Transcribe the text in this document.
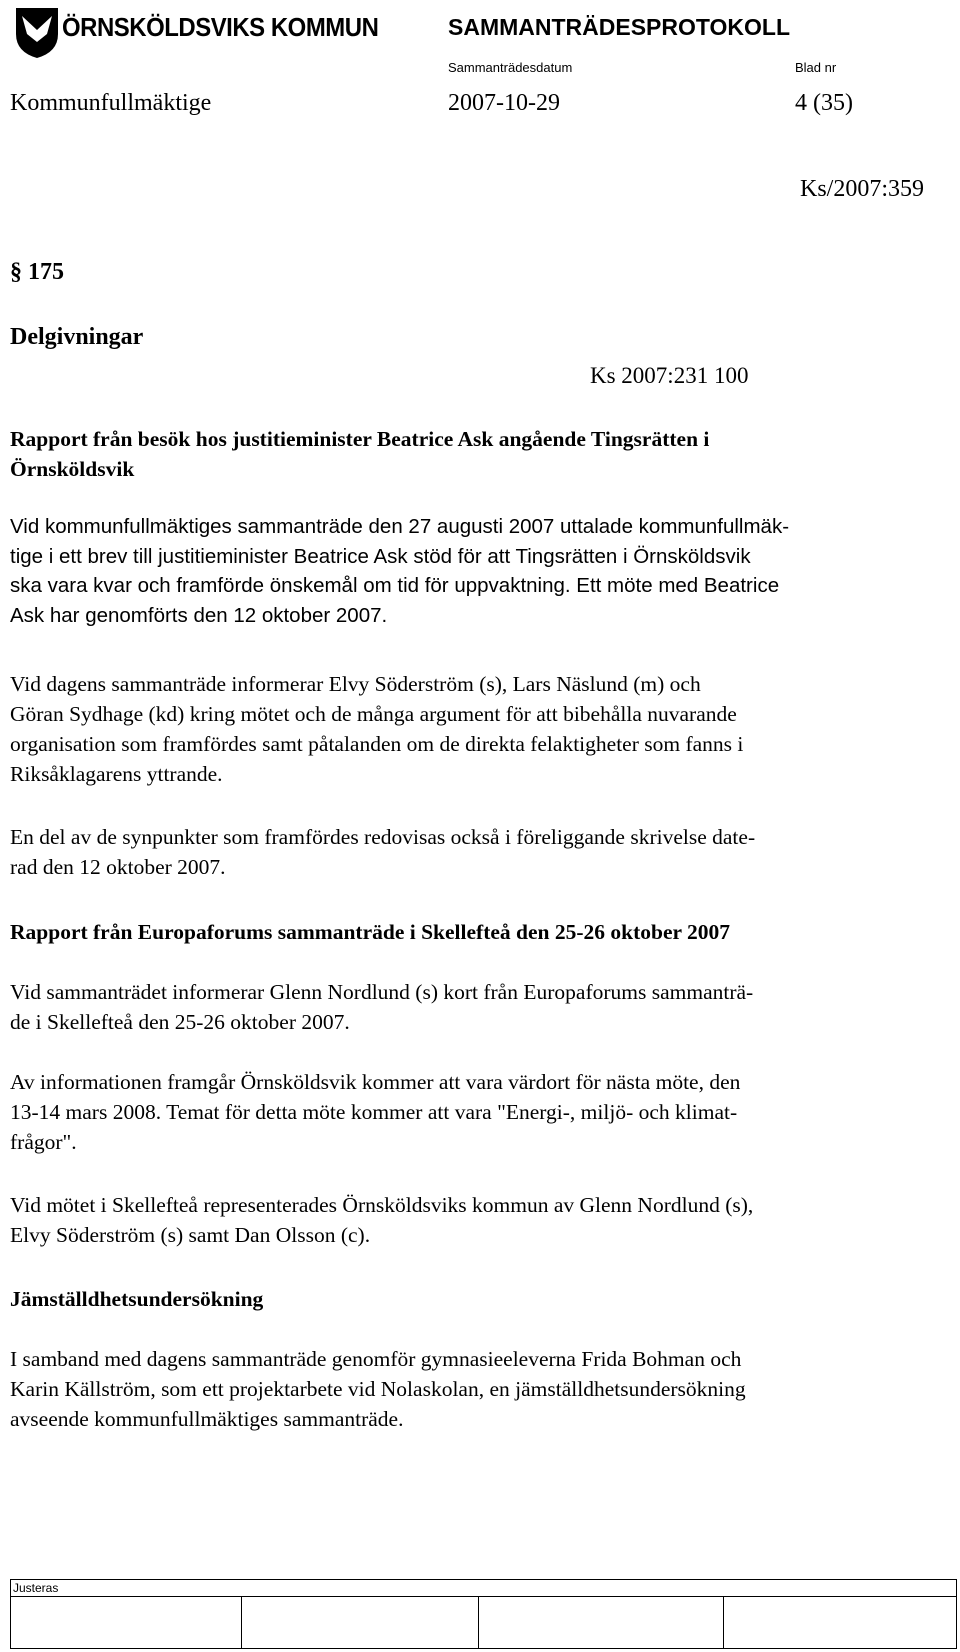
ÖRNSKÖLDSVIKS KOMMUN	SAMMANTRÄDESPROTOKOLL
Sammanträdesdatum	Blad nr
Kommunfullmäktige	2007-10-29	4 (35)
Ks/2007:359
§ 175
Delgivningar
Ks 2007:231 100
Rapport från besök hos justitieminister Beatrice Ask angående Tingsrätten i
Örnsköldsvik
Vid kommunfullmäktiges sammanträde den 27 augusti 2007 uttalade kommunfullmäk-
tige i ett brev till justitieminister Beatrice Ask stöd för att Tingsrätten i Örnsköldsvik
ska vara kvar och framförde önskemål om tid för uppvaktning. Ett möte med Beatrice
Ask har genomförts den 12 oktober 2007.
Vid dagens sammanträde informerar Elvy Söderström (s), Lars Näslund (m) och
Göran Sydhage (kd) kring mötet och de många argument för att bibehålla nuvarande
organisation som framfördes samt påtalanden om de direkta felaktigheter som fanns i
Riksåklagarens yttrande.
En del av de synpunkter som framfördes redovisas också i föreliggande skrivelse date-
rad den 12 oktober 2007.
Rapport från Europaforums sammanträde i Skellefteå den 25-26 oktober 2007
Vid sammanträdet informerar Glenn Nordlund (s) kort från Europaforums sammanträ-
de i Skellefteå den 25-26 oktober 2007.
Av informationen framgår Örnsköldsvik kommer att vara värdort för nästa möte, den
13-14 mars 2008. Temat för detta möte kommer att vara "Energi-, miljö- och klimat-
frågor".
Vid mötet i Skellefteå representerades Örnsköldsviks kommun av Glenn Nordlund (s),
Elvy Söderström (s) samt Dan Olsson (c).
Jämställdhetsundersökning
I samband med dagens sammanträde genomför gymnasieeleverna Frida Bohman och
Karin Källström, som ett projektarbete vid Nolaskolan, en jämställdhetsundersökning
avseende kommunfullmäktiges sammanträde.
Justeras
